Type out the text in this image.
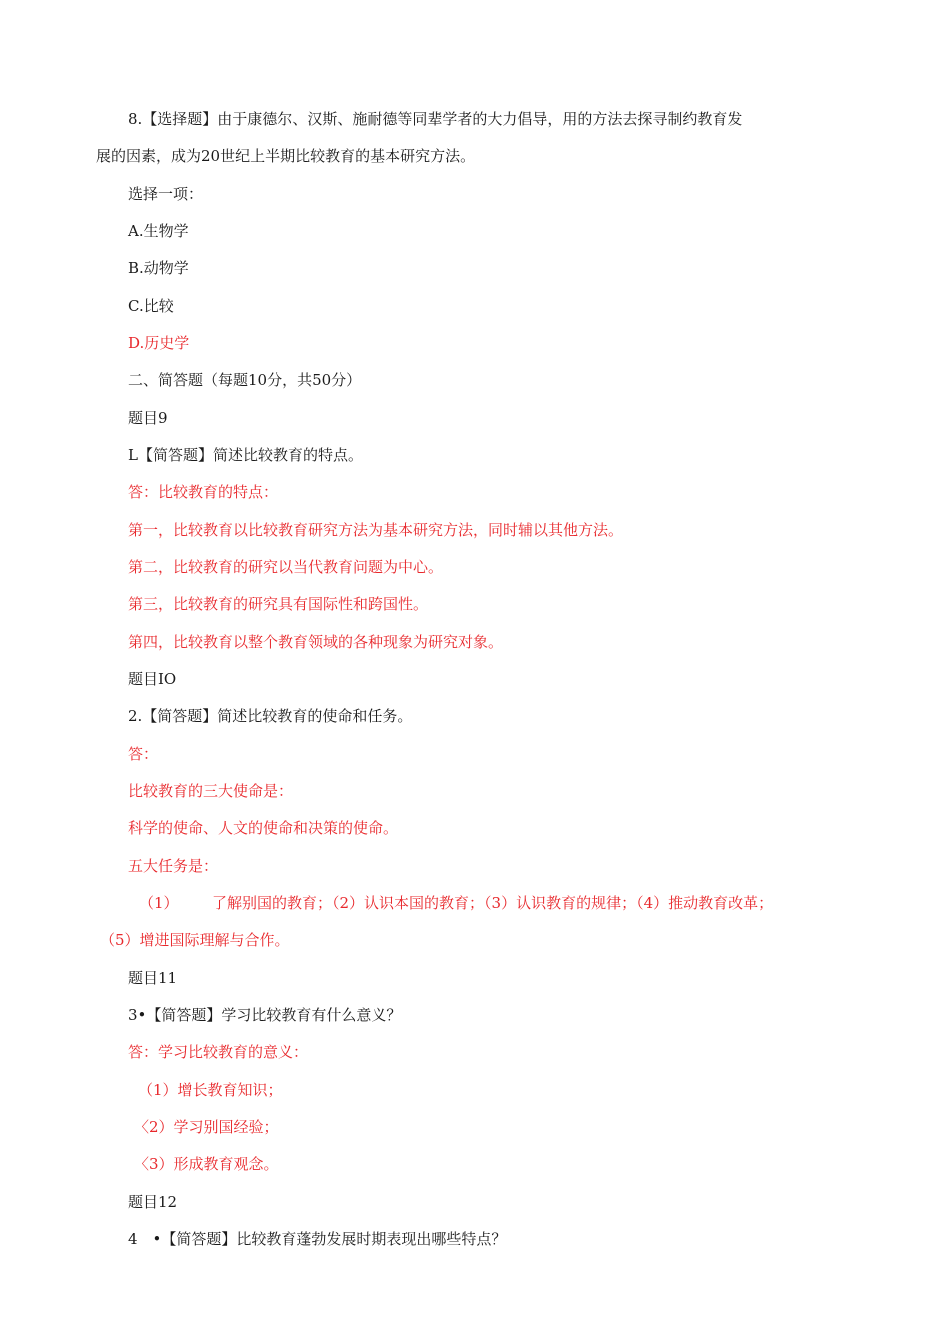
8.【选择题】由于康德尔、汉斯、施耐德等同辈学者的大力倡导，用的方法去探寻制约教育发
展的因素，成为20世纪上半期比较教育的基本研究方法。
选择一项：
A.生物学
B.动物学
C.比较
D.历史学
二、简答题（每题10分，共50分）
题目9
L【简答题】简述比较教育的特点。
答：比较教育的特点：
第一，比较教育以比较教育研究方法为基本研究方法，同时辅以其他方法。
第二，比较教育的研究以当代教育问题为中心。
第三，比较教育的研究具有国际性和跨国性。
第四，比较教育以整个教育领域的各种现象为研究对象。
题目IO
2.【简答题】简述比较教育的使命和任务。
答：
比较教育的三大使命是：
科学的使命、人文的使命和决策的使命。
五大任务是：
（1） 了解别国的教育；（2）认识本国的教育；（3）认识教育的规律；（4）推动教育改革；
（5）增进国际理解与合作。
题目11
3•【简答题】学习比较教育有什么意义？
答：学习比较教育的意义：
（1）增长教育知识；
〈2）学习别国经验；
〈3）形成教育观念。
题目12
4　•【简答题】比较教育蓬勃发展时期表现出哪些特点？
